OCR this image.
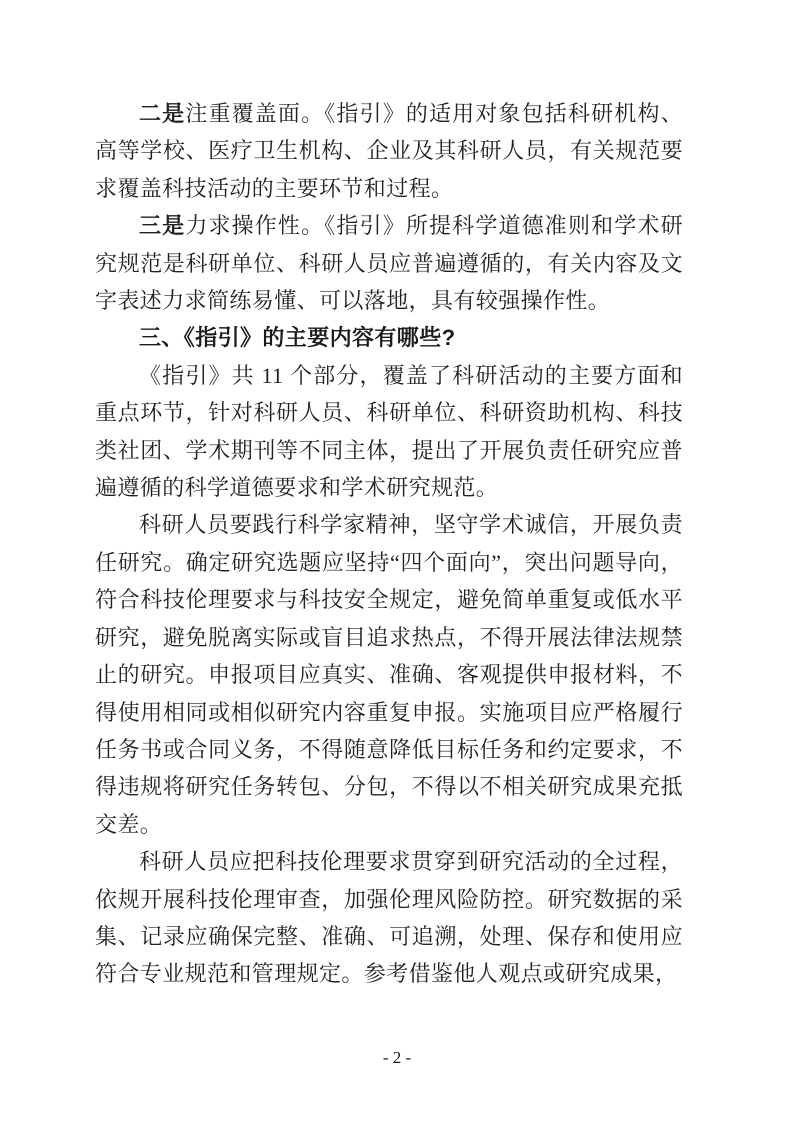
二是注重覆盖面。《指引》的适用对象包括科研机构、高等学校、医疗卫生机构、企业及其科研人员，有关规范要求覆盖科技活动的主要环节和过程。

三是力求操作性。《指引》所提科学道德准则和学术研究规范是科研单位、科研人员应普遍遵循的，有关内容及文字表述力求简练易懂、可以落地，具有较强操作性。

三、《指引》的主要内容有哪些?

《指引》共 11 个部分，覆盖了科研活动的主要方面和重点环节，针对科研人员、科研单位、科研资助机构、科技类社团、学术期刊等不同主体，提出了开展负责任研究应普遍遵循的科学道德要求和学术研究规范。

科研人员要践行科学家精神，坚守学术诚信，开展负责任研究。确定研究选题应坚持“四个面向”，突出问题导向，符合科技伦理要求与科技安全规定，避免简单重复或低水平研究，避免脱离实际或盲目追求热点，不得开展法律法规禁止的研究。申报项目应真实、准确、客观提供申报材料，不得使用相同或相似研究内容重复申报。实施项目应严格履行任务书或合同义务，不得随意降低目标任务和约定要求，不得违规将研究任务转包、分包，不得以不相关研究成果充抵交差。

科研人员应把科技伦理要求贯穿到研究活动的全过程，依规开展科技伦理审查，加强伦理风险防控。研究数据的采集、记录应确保完整、准确、可追溯，处理、保存和使用应符合专业规范和管理规定。参考借鉴他人观点或研究成果，

- 2 -
